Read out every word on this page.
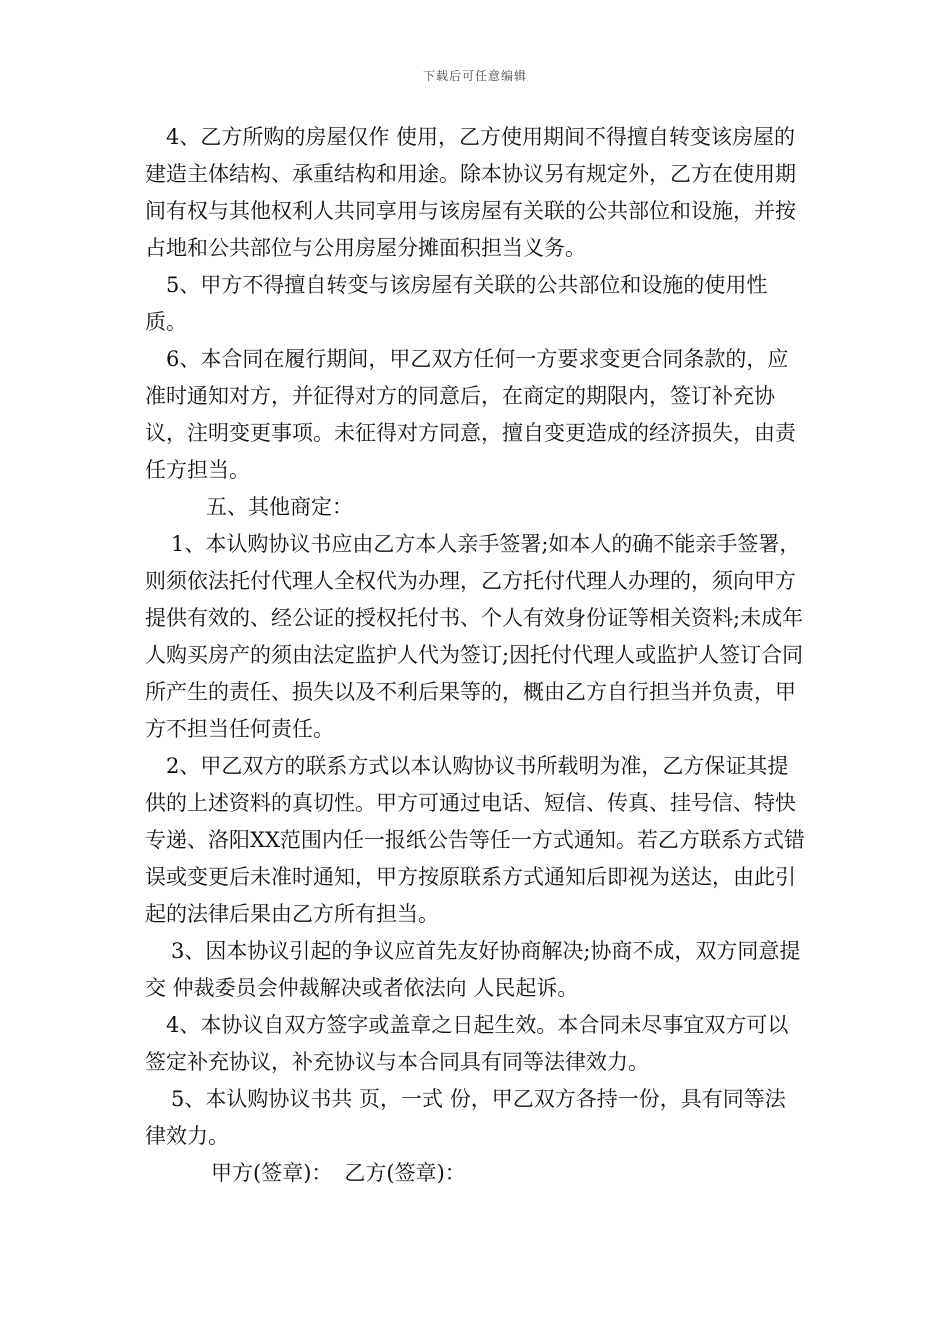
下载后可任意编辑

4、乙方所购的房屋仅作 使用，乙方使用期间不得擅自转变该房屋的建造主体结构、承重结构和用途。除本协议另有规定外，乙方在使用期间有权与其他权利人共同享用与该房屋有关联的公共部位和设施，并按占地和公共部位与公用房屋分摊面积担当义务。

5、甲方不得擅自转变与该房屋有关联的公共部位和设施的使用性质。

6、本合同在履行期间，甲乙双方任何一方要求变更合同条款的，应准时通知对方，并征得对方的同意后，在商定的期限内，签订补充协议，注明变更事项。未征得对方同意，擅自变更造成的经济损失，由责任方担当。

五、其他商定：

1、本认购协议书应由乙方本人亲手签署;如本人的确不能亲手签署，则须依法托付代理人全权代为办理，乙方托付代理人办理的，须向甲方提供有效的、经公证的授权托付书、个人有效身份证等相关资料;未成年人购买房产的须由法定监护人代为签订;因托付代理人或监护人签订合同所产生的责任、损失以及不利后果等的，概由乙方自行担当并负责，甲方不担当任何责任。

2、甲乙双方的联系方式以本认购协议书所载明为准，乙方保证其提供的上述资料的真切性。甲方可通过电话、短信、传真、挂号信、特快专递、洛阳XX范围内任一报纸公告等任一方式通知。若乙方联系方式错误或变更后未准时通知，甲方按原联系方式通知后即视为送达，由此引起的法律后果由乙方所有担当。

3、因本协议引起的争议应首先友好协商解决;协商不成，双方同意提交 仲裁委员会仲裁解决或者依法向 人民起诉。

4、本协议自双方签字或盖章之日起生效。本合同未尽事宜双方可以签定补充协议，补充协议与本合同具有同等法律效力。

5、本认购协议书共 页，一式 份，甲乙双方各持一份，具有同等法律效力。

甲方(签章)： 乙方(签章)：
